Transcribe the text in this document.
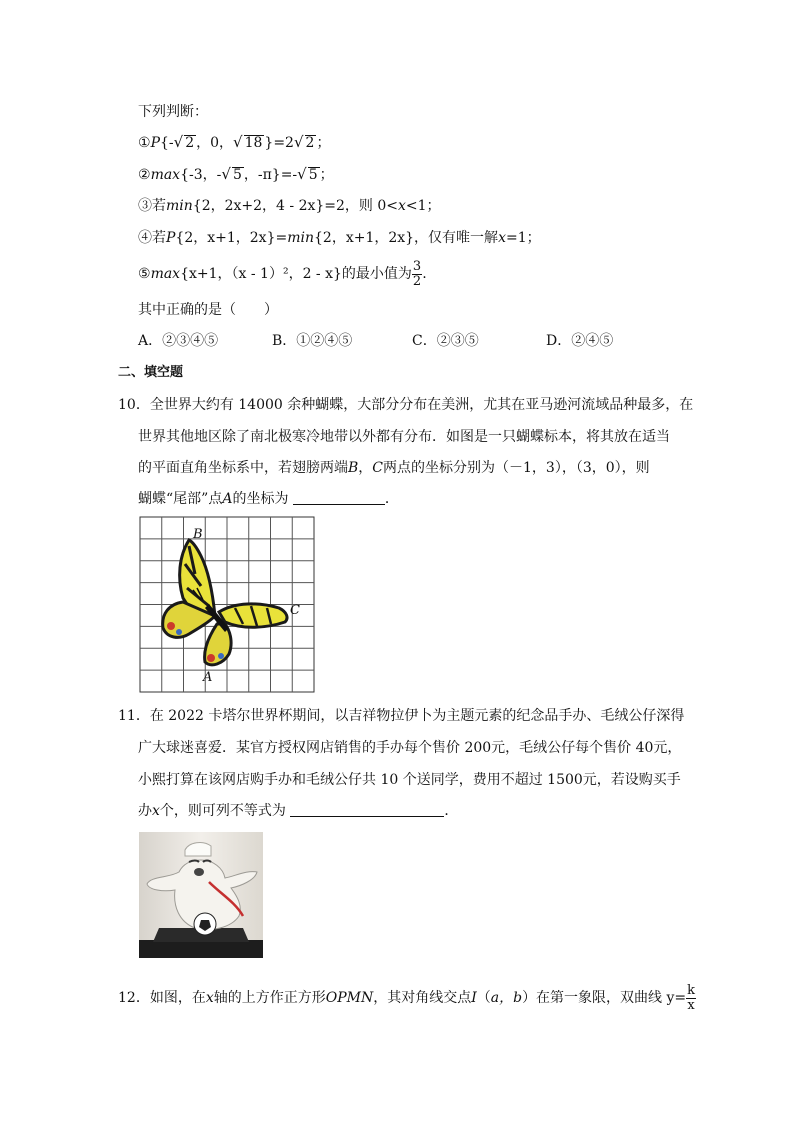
下列判断：
①P{-√ 2 ，0，√ 18 }=2√ 2 ；
②max{-3，-√ 5 ，-π}=-√ 5 ；
③若min{2，2x+2，4 - 2x}=2，则 0<x<1；
④若P{2，x+1，2x}=min{2，x+1，2x}，仅有唯一解x=1；
⑤max{x+1，（x - 1）²，2 - x}的最小值为 $\frac{3}{2}$ .
其中正确的是（　　）
A．②③④⑤	B．①②④⑤	C．②③⑤	D．②④⑤
二、填空题
10．全世界大约有 14000 余种蝴蝶，大部分分布在美洲，尤其在亚马逊河流域品种最多，在
世界其他地区除了南北极寒冷地带以外都有分布．如图是一只蝴蝶标本，将其放在适当
的平面直角坐标系中，若翅膀两端B，C两点的坐标分别为（－1，3），（3，0），则
蝴蝶“尾部”点A的坐标为	．
B
C
A
11．在 2022 卡塔尔世界杯期间，以吉祥物拉伊卜为主题元素的纪念品手办、毛绒公仔深得
广大球迷喜爱．某官方授权网店销售的手办每个售价 200元，毛绒公仔每个售价 40元，
小熙打算在该网店购手办和毛绒公仔共 10 个送同学，费用不超过 1500元，若设购买手
办x个，则可列不等式为	．
12．如图，在x轴的上方作正方形OPMN，其对角线交点I（a，b）在第一象限，双曲线 $y= \frac{k}{x}$
